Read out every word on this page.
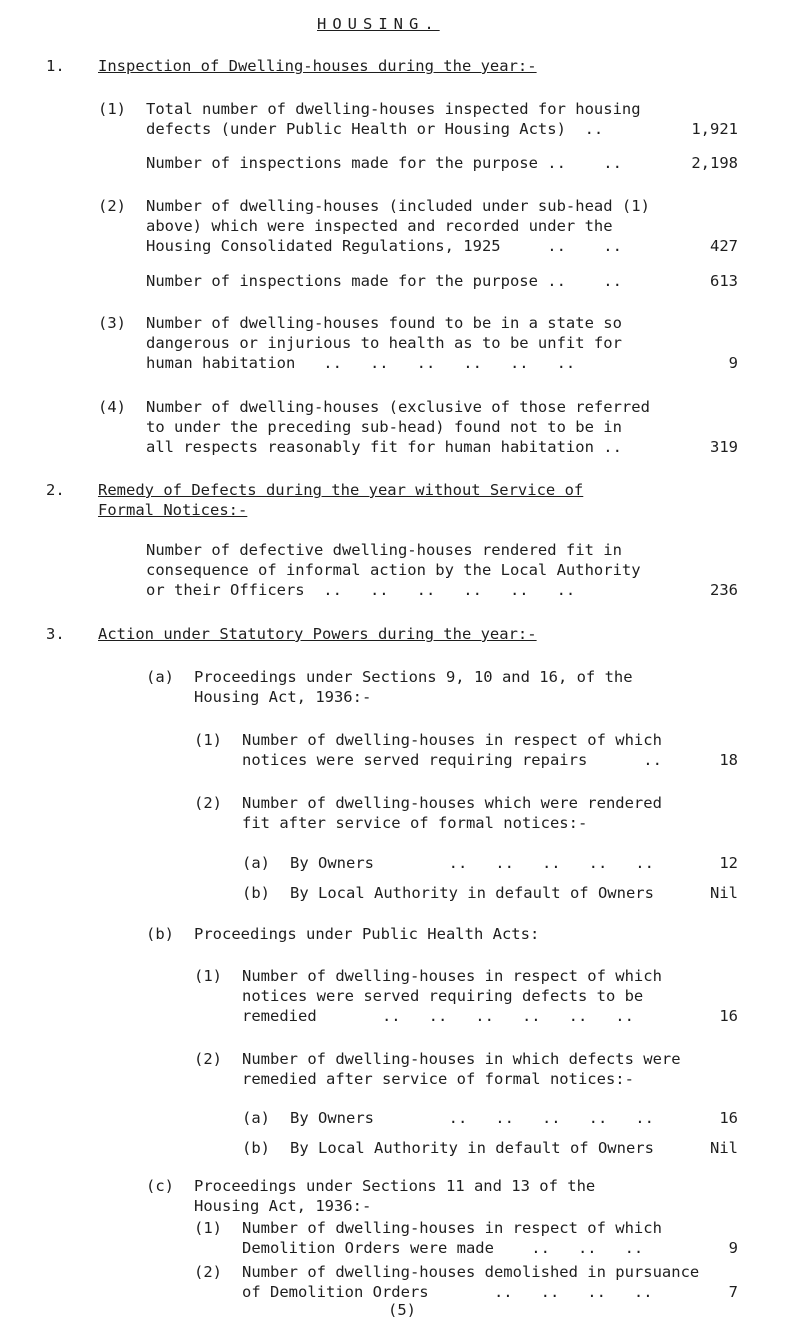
HOUSING.
1. Inspection of Dwelling-houses during the year:-
(1) Total number of dwelling-houses inspected for housing
defects (under Public Health or Housing Acts)  ..	1,921
Number of inspections made for the purpose ..    ..	2,198
(2) Number of dwelling-houses (included under sub-head (1)
above) which were inspected and recorded under the
Housing Consolidated Regulations, 1925     ..    ..	427
Number of inspections made for the purpose ..    ..	613
(3) Number of dwelling-houses found to be in a state so
dangerous or injurious to health as to be unfit for
human habitation   ..   ..   ..   ..   ..   ..	9
(4) Number of dwelling-houses (exclusive of those referred
to under the preceding sub-head) found not to be in
all respects reasonably fit for human habitation ..	319
2. Remedy of Defects during the year without Service of
Formal Notices:-
Number of defective dwelling-houses rendered fit in
consequence of informal action by the Local Authority
or their Officers  ..   ..   ..   ..   ..   ..	236
3. Action under Statutory Powers during the year:-
(a) Proceedings under Sections 9, 10 and 16, of the
Housing Act, 1936:-
(1) Number of dwelling-houses in respect of which
notices were served requiring repairs      ..	18
(2) Number of dwelling-houses which were rendered
fit after service of formal notices:-
(a) By Owners        ..   ..   ..   ..   ..	12
(b) By Local Authority in default of Owners	Nil
(b) Proceedings under Public Health Acts:
(1) Number of dwelling-houses in respect of which
notices were served requiring defects to be
remedied       ..   ..   ..   ..   ..   ..	16
(2) Number of dwelling-houses in which defects were
remedied after service of formal notices:-
(a) By Owners        ..   ..   ..   ..   ..	16
(b) By Local Authority in default of Owners	Nil
(c) Proceedings under Sections 11 and 13 of the
Housing Act, 1936:-
(1) Number of dwelling-houses in respect of which
Demolition Orders were made    ..   ..   ..	9
(2) Number of dwelling-houses demolished in pursuance
of Demolition Orders       ..   ..   ..   ..	7
(5)
